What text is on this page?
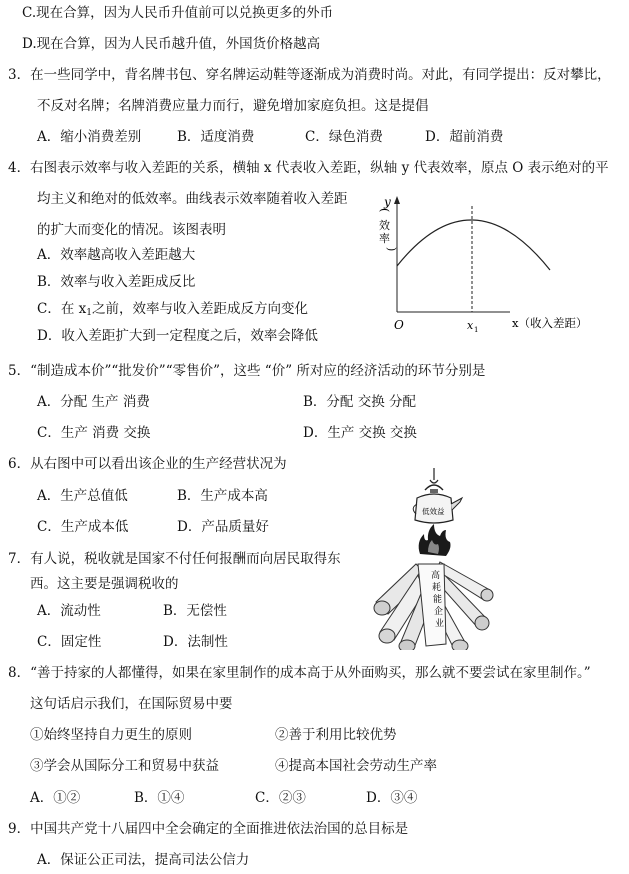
C.现在合算，因为人民币升值前可以兑换更多的外币
D.现在合算，因为人民币越升值，外国货价格越高
3．在一些同学中，背名牌书包、穿名牌运动鞋等逐渐成为消费时尚。对此，有同学提出：反对攀比，
不反对名牌；名牌消费应量力而行，避免增加家庭负担。这是提倡
A．缩小消费差别	B．适度消费	C．绿色消费	D．超前消费
4．右图表示效率与收入差距的关系，横轴 x 代表收入差距，纵轴 y 代表效率，原点 O 表示绝对的平
均主义和绝对的低效率。曲线表示效率随着收入差距
的扩大而变化的情况。该图表明
A．效率越高收入差距越大
B．效率与收入差距成反比
C．在 $x_1$之前，效率与收入差距成反方向变化
D．收入差距扩大到一定程度之后，效率会降低
y
(
效
率
)
O	x 1	x（收入差距）
5．“制造成本价”“批发价”“零售价”，这些 “价” 所对应的经济活动的环节分别是
A．分配 生产 消费	B．分配 交换 分配
C．生产 消费 交换	D．生产 交换 交换
6．从右图中可以看出该企业的生产经营状况为
A．生产总值低	B．生产成本高
C．生产成本低	D．产品质量好
低效益
高
耗
能
企
业
7．有人说，税收就是国家不付任何报酬而向居民取得东
西。这主要是强调税收的
A．流动性	B．无偿性
C．固定性	D．法制性
8．“善于持家的人都懂得，如果在家里制作的成本高于从外面购买，那么就不要尝试在家里制作。”
这句话启示我们，在国际贸易中要
①始终坚持自力更生的原则	②善于利用比较优势
③学会从国际分工和贸易中获益	④提高本国社会劳动生产率
A．①②	B．①④	C．②③	D．③④
9．中国共产党十八届四中全会确定的全面推进依法治国的总目标是
A．保证公正司法，提高司法公信力
